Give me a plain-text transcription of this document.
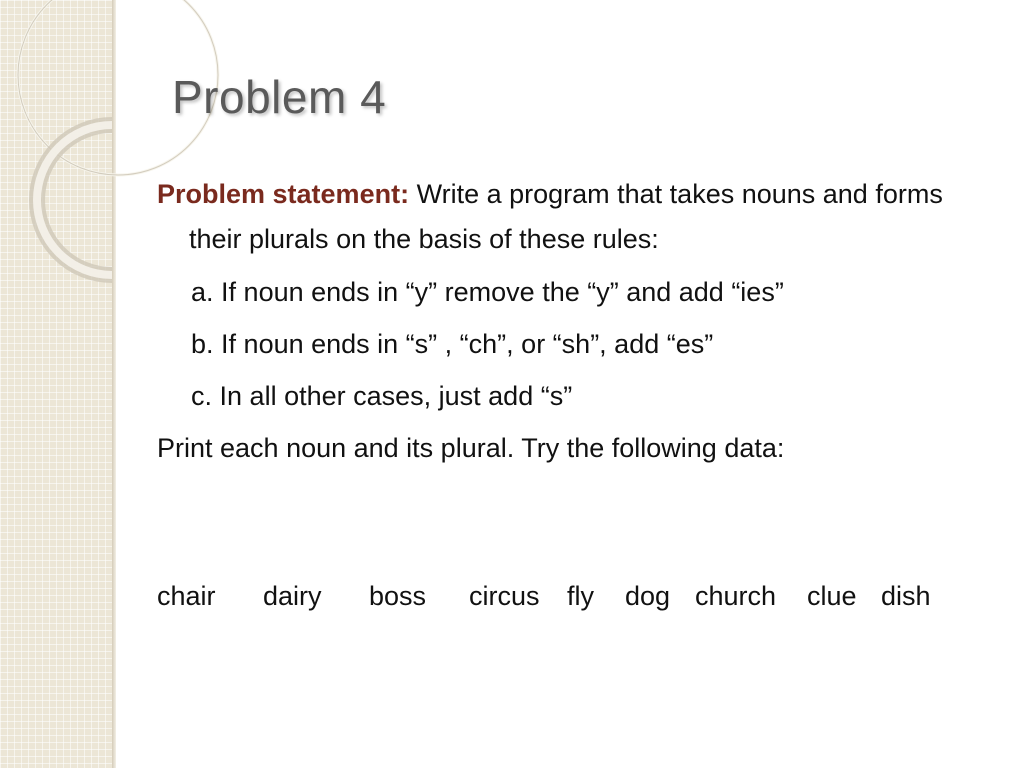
Problem 4

Problem statement: Write a program that takes nouns and forms their plurals on the basis of these rules:

a. If noun ends in “y” remove the “y” and add “ies”
b. If noun ends in “s” , “ch”, or “sh”, add “es”
c. In all other cases, just add “s”

Print each noun and its plural. Try the following data:

chair dairy boss circus fly dog church clue dish
